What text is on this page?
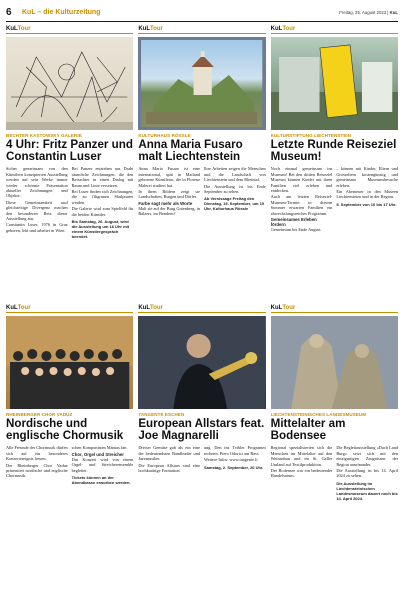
6	KuL – die Kulturzeitung	Freitag, 25. August 2023 | KuL
KuL Tour
BECHTER KASTOWSKY GALERIE
4 Uhr: Fritz Panzer und Constantin Luser

Sicher gemeinsam von den Künstlern konzipierten Ausstellung werden auf sein Werke immer wieder schönste Präsentation aktueller Zeichnungen und Objekte.

Diese Gemeinsamkeit und gleichzeitige Divergenz machen den besonderen Reiz dieser Ausstellung aus.

Constantin Luser, 1976 in Graz geboren, lebt und arbeitet in Wien.

Bei Panzer entstehen aus Draht räumliche Zeichnungen, die den Betrachter in einen Dialog mit Raum und Linie versetzen.

Bei Luser finden sich Zeichnungen, die zu filigranen Skulpturen werden.

Die Galerie wird zum Spielfeld für die beiden Künstler.

Bis Samstag, 26. August, wird die Ausstellung um 16 Uhr mit einem Künstlergespräch beendet.
KuL Tour
KULTURHAUS RÖSSLE
Anna Maria Fusaro malt Liechtenstein

Anna Maria Fusaro ist eine international, spät in Mailand geborene Künstlerin, die in Florenz Malerei studiert hat.

In ihren Bildern zeigt sie Landschaften, Burgen und Dörfer.

Farbe sagt mehr als Worte

Malt sie auf der Burg Gutenberg, in Balzers, im Bendern?

Ihre Arbeiten zeigen die Menschen und die Landschaft von Liechtenstein und dem Rheintal.

Die Ausstellung ist bis Ende September zu sehen.

Ab Vernissage Freitag den Dienstag, 15. September, um 19 Uhr, Kulturhaus Rössle
KuL Tour
KULTURSTIFTUNG LIECHTENSTEIN
Letzte Runde Reiseziel Museum!

Noch einmal gemeinsam ins Museum! Bei den dritten Reiseziel Museum können Kinder mit ihren Familien viel erleben und entdecken.

Auch am letzten Reiseziel-Museum-Termin in diesem Sommer erwarten Familien ein abwechslungsreiches Programm.

Gemeinsames Erleben fördern

Gemeinsam bis Ende August.

– können mit Kinder, Eltern und Grosseltern kostengünstig und gemeinsam Museumsbesuche erleben.

Ein Abenteuer in den Museen Liechtensteins und in der Region.

5. September von 10 bis 17 Uhr.
KuL Tour
RHEINBERGER CHOR VADUZ
Nordische und englische Chormusik

Alle Freunde der Chormusik dürfen sich auf ein besonderes Konzertereignis freuen.

Der Rheinberger Chor Vaduz präsentiert nordische und englische Chormusik.

schen Komponisten Mäntus Jan.

Chor, Orgel und Streicher

Das Konzert wird von einem Orgel- und Streicherensemble begleitet.

Tickets können an der Abendkasse erworben werden.
KuL Tour
TANGENTE ESCHEN
European Allstars feat. Joe Magnarelli

Dreiser Gemüse gab als ein eine der bedeutendsten Bandleader und Jazzmusiker.

Die European Allstars sind eine hochkarätige Formation.

ung. Den ins Tvibler Programm rechnen. Piero Odorici am Bass.

Weitere Infos: www.tangente.li

Samstag, 2. September, 20 Uhr.
KuL Tour
LIECHTENSTEINISCHES LANDESMUSEUM
Mittelalter am Bodensee

Regional spezialisierten sich die Menschen im Mittelalter auf den Weinanbau und im St. Galler Umland auf Textilproduktion.

Der Bodensee war ein bedeutender Handelsraum.

Die Begleitausstellung «Dach Land Burg» setzt sich mit den einzigartigen Zeugnissen der Region auseinander.

Die Ausstellung ist bis 14. April 2024 zu sehen.

Die Ausstellung im Liechtensteinischen Landesmuseum dauert noch bis 14. April 2024.
